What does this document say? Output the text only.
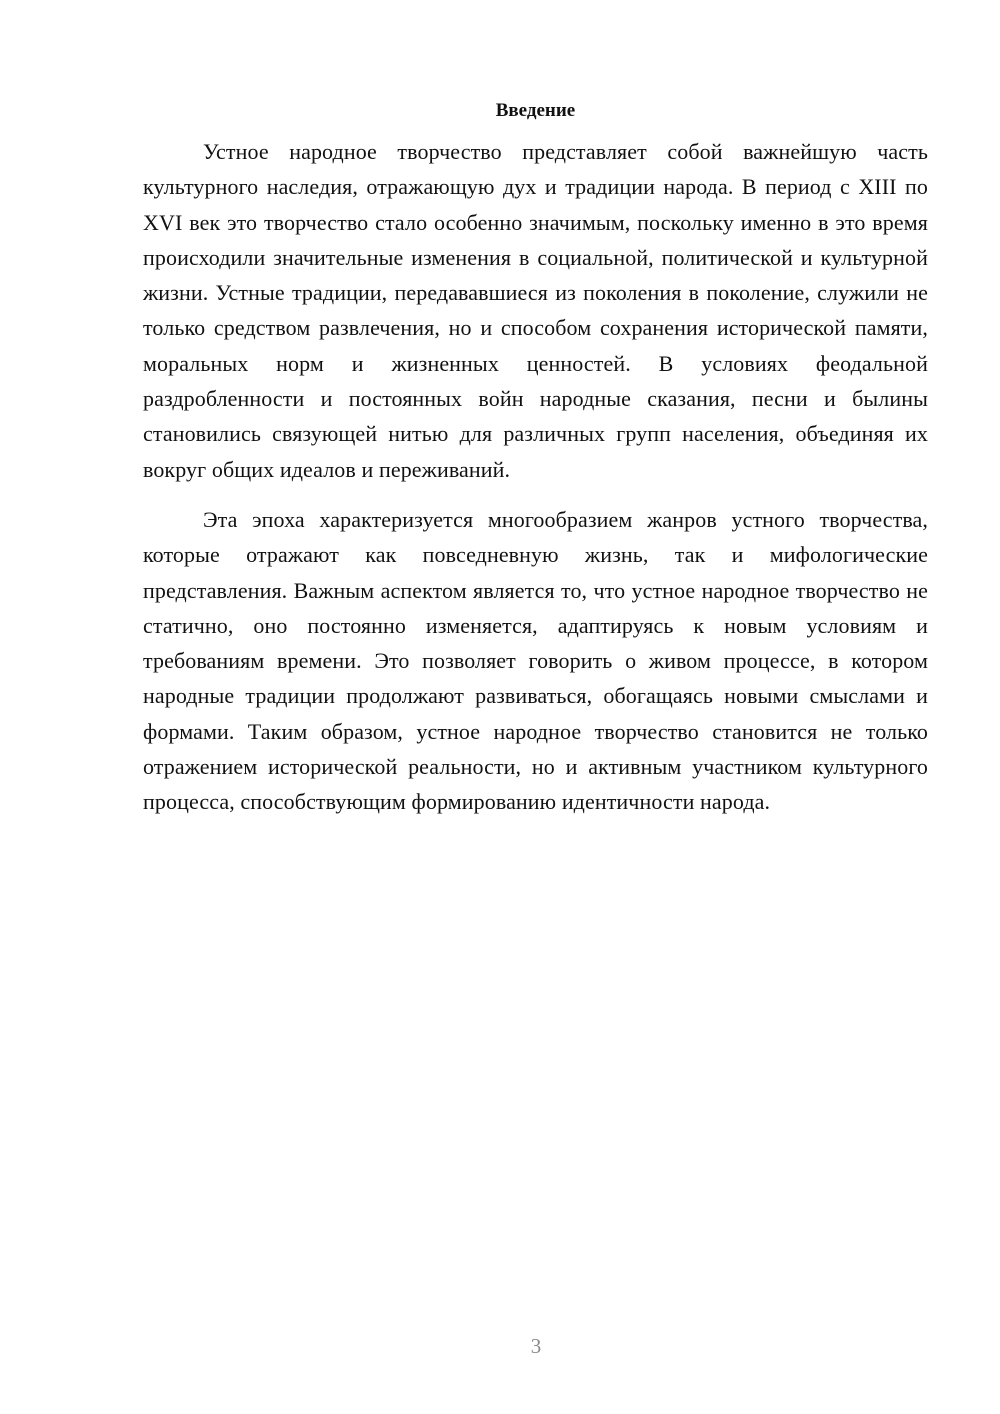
Введение

Устное народное творчество представляет собой важнейшую часть культурного наследия, отражающую дух и традиции народа. В период с XIII по XVI век это творчество стало особенно значимым, поскольку именно в это время происходили значительные изменения в социальной, политической и культурной жизни. Устные традиции, передававшиеся из поколения в поколение, служили не только средством развлечения, но и способом сохранения исторической памяти, моральных норм и жизненных ценностей. В условиях феодальной раздробленности и постоянных войн народные сказания, песни и былины становились связующей нитью для различных групп населения, объединяя их вокруг общих идеалов и переживаний.

Эта эпоха характеризуется многообразием жанров устного творчества, которые отражают как повседневную жизнь, так и мифологические представления. Важным аспектом является то, что устное народное творчество не статично, оно постоянно изменяется, адаптируясь к новым условиям и требованиям времени. Это позволяет говорить о живом процессе, в котором народные традиции продолжают развиваться, обогащаясь новыми смыслами и формами. Таким образом, устное народное творчество становится не только отражением исторической реальности, но и активным участником культурного процесса, способствующим формированию идентичности народа.

3
